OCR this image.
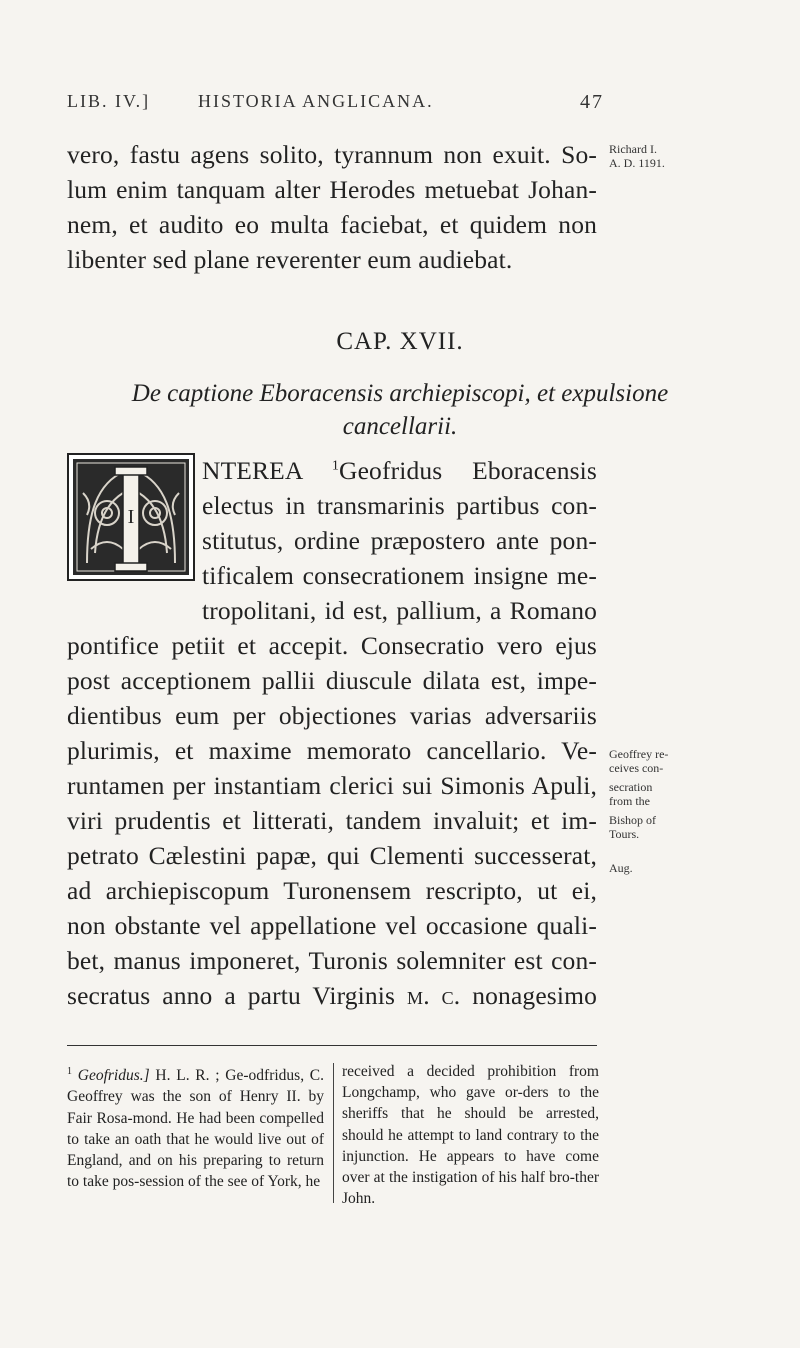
LIB. IV.]	HISTORIA ANGLICANA.	47
vero, fastu agens solito, tyrannum non exuit. So-
lum enim tanquam alter Herodes metuebat Johan-
nem, et audito eo multa faciebat, et quidem non
libenter sed plane reverenter eum audiebat.
Richard I.
A. D. 1191.
Geoffrey re-
ceives con-
secration
from the
Bishop of
Tours.
Aug.
CAP. XVII.
De captione Eboracensis archiepiscopi, et expulsione
cancellarii.
I
NTEREA $^1$Geofridus Eboracensis
electus in transmarinis partibus con-
stitutus, ordine præpostero ante pon-
tificalem consecrationem insigne me-
tropolitani, id est, pallium, a Romano
pontifice petiit et accepit. Consecratio vero ejus
post acceptionem pallii diuscule dilata est, impe-
dientibus eum per objectiones varias adversariis
plurimis, et maxime memorato cancellario. Ve-
runtamen per instantiam clerici sui Simonis Apuli,
viri prudentis et litterati, tandem invaluit; et im-
petrato Cælestini papæ, qui Clementi successerat,
ad archiepiscopum Turonensem rescripto, ut ei,
non obstante vel appellatione vel occasione quali-
bet, manus imponeret, Turonis solemniter est con-
secratus anno a partu Virginis m. c. nonagesimo

$^1$ Geofridus.] H. L. R. ; Ge-odfridus, C. Geoffrey was the son of Henry II. by Fair Rosa-mond. He had been compelled to take an oath that he would live out of England, and on his preparing to return to take pos-session of the see of York, he

received a decided prohibition from Longchamp, who gave or-ders to the sheriffs that he should be arrested, should he attempt to land contrary to the injunction. He appears to have come over at the instigation of his half bro-ther John.
